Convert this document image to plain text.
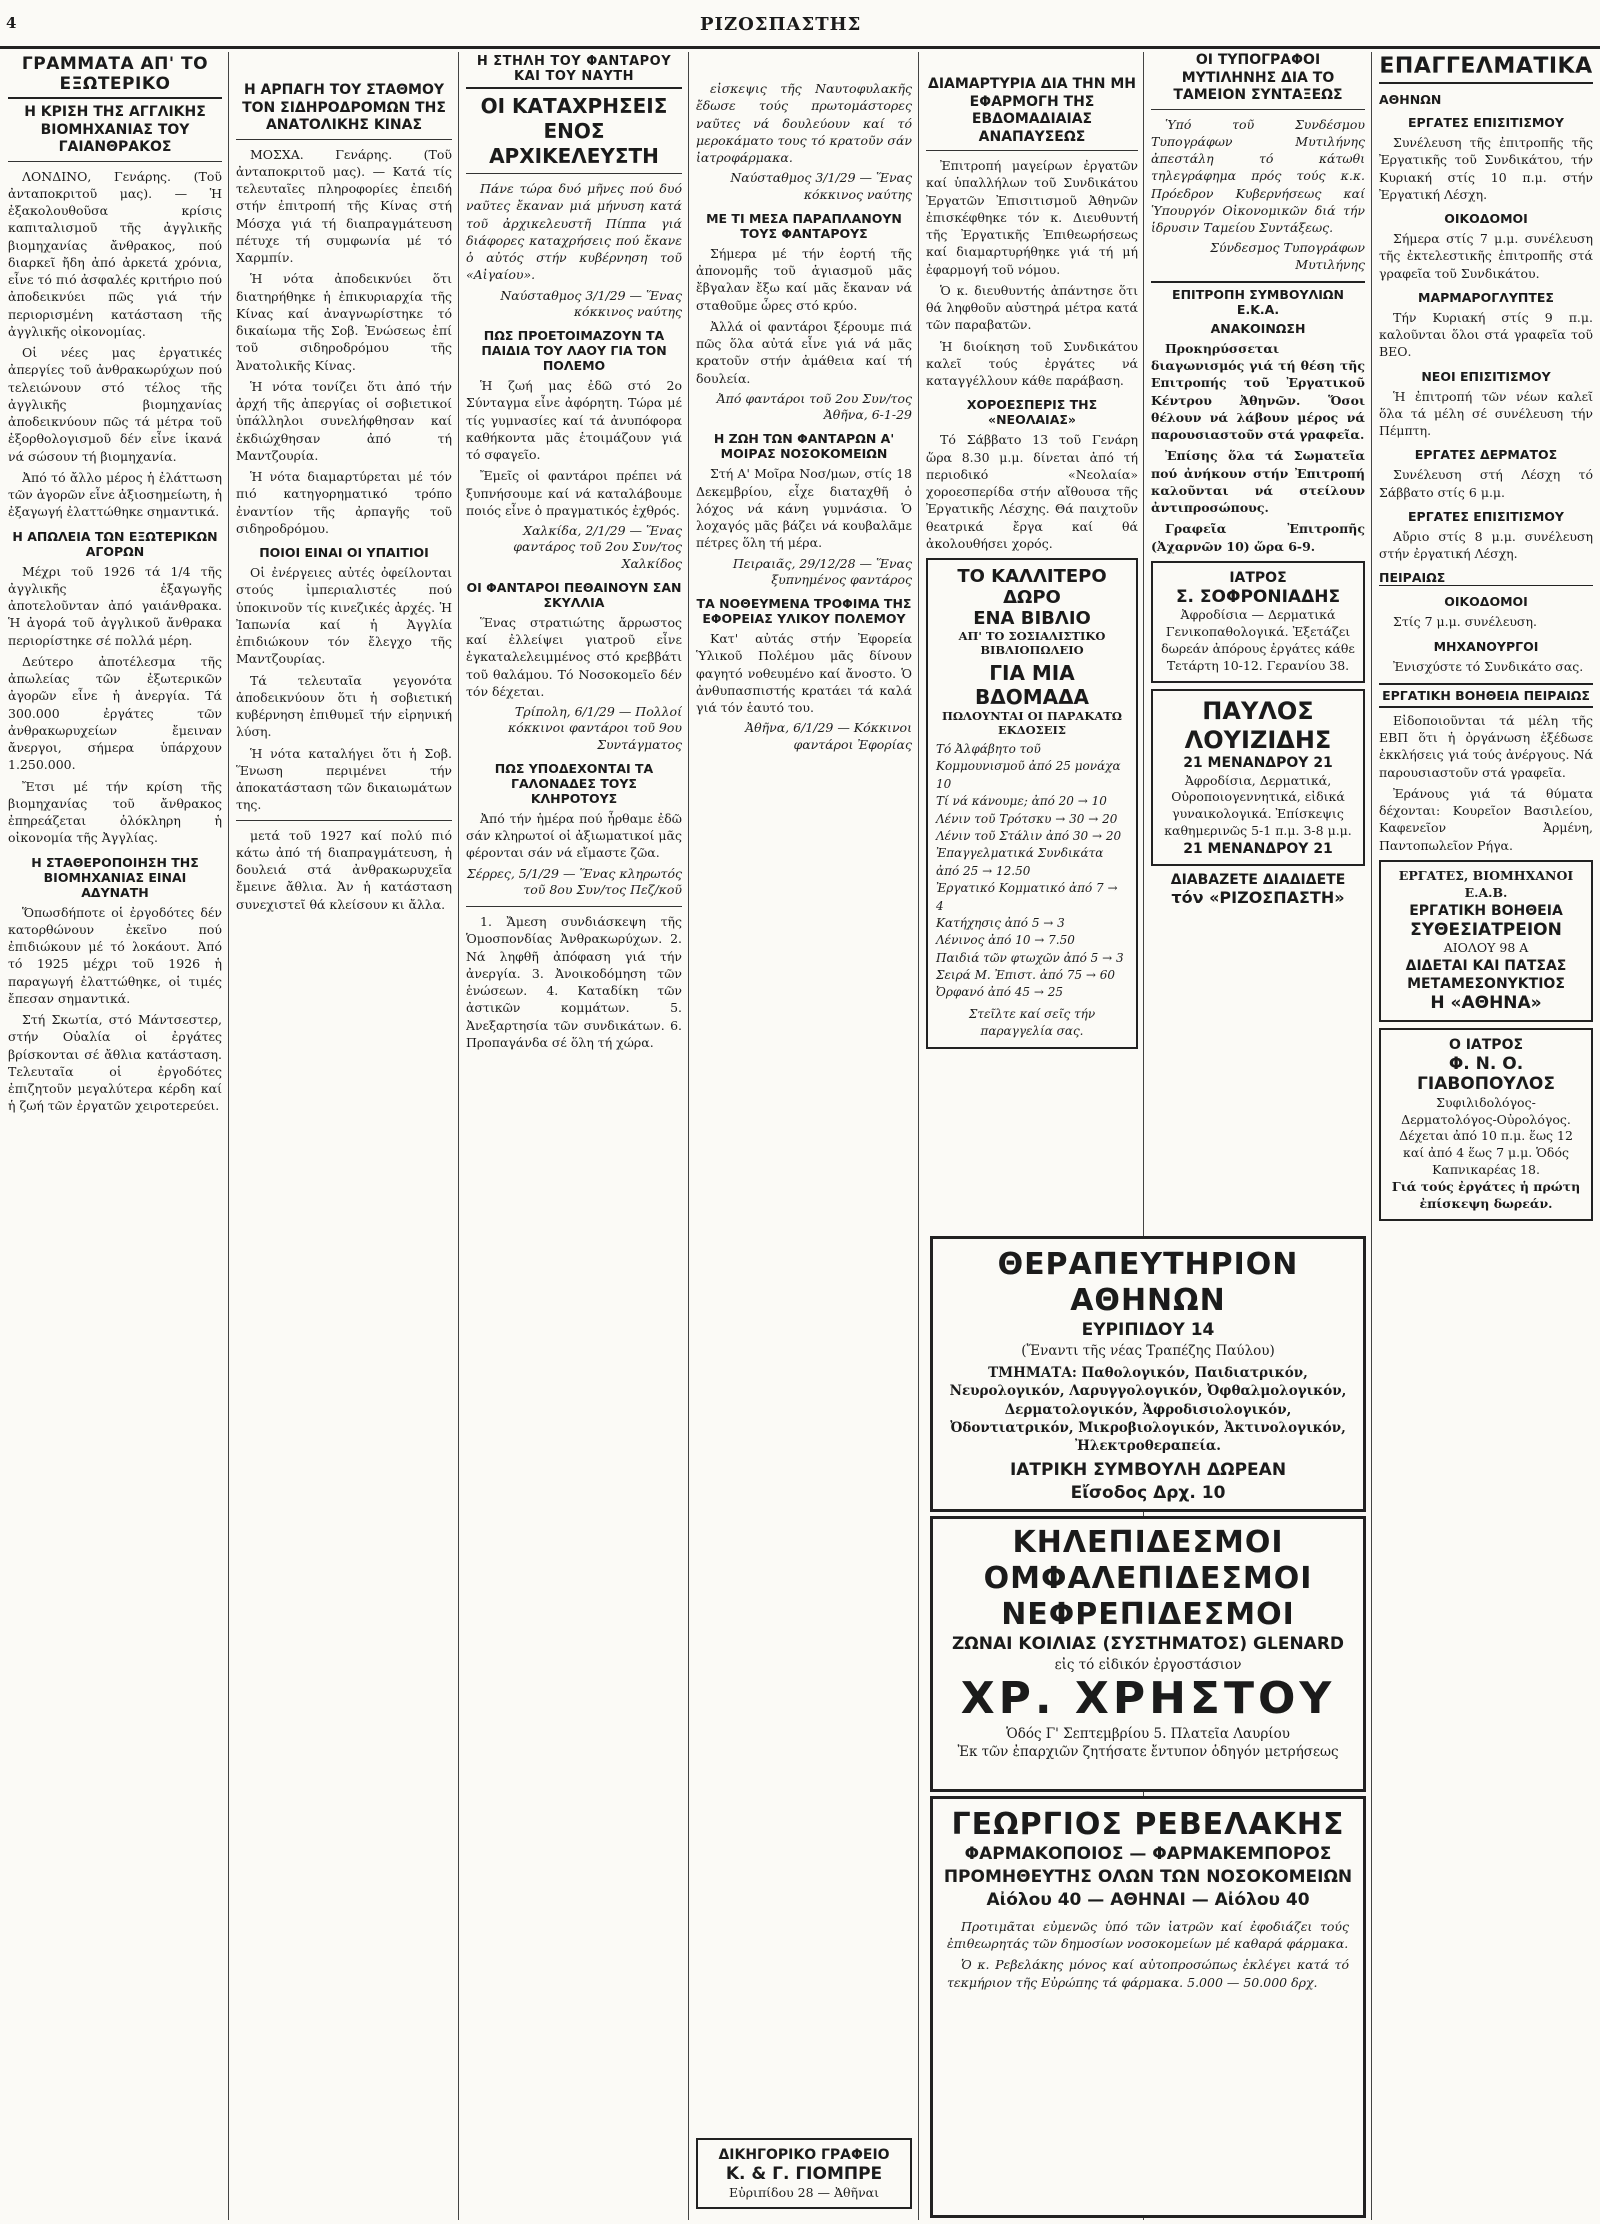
4	ΡΙΖΟΣΠΑΣΤΗΣ
ΓΡΑΜΜΑΤΑ ΑΠ' ΤΟ ΕΞΩΤΕΡΙΚΟ
Η ΚΡΙΣΗ ΤΗΣ ΑΓΓΛΙΚΗΣ ΒΙΟΜΗΧΑΝΙΑΣ ΤΟΥ ΓΑΙΑΝΘΡΑΚΟΣ

ΛΟΝΔΙΝΟ, Γενάρης. (Τοῦ ἀνταποκριτοῦ μας). — Ἡ ἐξακολουθοῦσα κρίσις καπιταλισμοῦ τῆς ἀγγλικῆς βιομηχανίας ἄνθρακος, πού διαρκεῖ ἤδη ἀπό ἀρκετά χρόνια, εἶνε τό πιό ἀσφαλές κριτήριο πού ἀποδεικνύει πῶς γιά τήν περιορισμένη κατάσταση τῆς ἀγγλικῆς οἰκονομίας.

Οἱ νέες μας ἐργατικές ἀπεργίες τοῦ ἀνθρακωρύχων πού τελειώνουν στό τέλος τῆς ἀγγλικῆς βιομηχανίας ἀποδεικνύουν πῶς τά μέτρα τοῦ ἐξορθολογισμοῦ δέν εἶνε ἱκανά νά σώσουν τή βιομηχανία.

Ἀπό τό ἄλλο μέρος ἡ ἐλάττωση τῶν ἀγορῶν εἶνε ἀξιοσημείωτη, ἡ ἐξαγωγή ἐλαττώθηκε σημαντικά.

Η ΑΠΩΛΕΙΑ ΤΩΝ ΕΞΩΤΕΡΙΚΩΝ ΑΓΟΡΩΝ

Μέχρι τοῦ 1926 τά 1/4 τῆς ἀγγλικῆς ἐξαγωγῆς ἀποτελοῦνταν ἀπό γαιάνθρακα. Ἡ ἀγορά τοῦ ἀγγλικοῦ ἄνθρακα περιορίστηκε σέ πολλά μέρη.

Δεύτερο ἀποτέλεσμα τῆς ἀπωλείας τῶν ἐξωτερικῶν ἀγορῶν εἶνε ἡ ἀνεργία. Τά 300.000 ἐργάτες τῶν ἀνθρακωρυχείων ἔμειναν ἄνεργοι, σήμερα ὑπάρχουν 1.250.000.

Ἔτσι μέ τήν κρίση τῆς βιομηχανίας τοῦ ἄνθρακος ἐπηρεάζεται ὁλόκληρη ἡ οἰκονομία τῆς Ἀγγλίας.

Η ΣΤΑΘΕΡΟΠΟΙΗΣΗ ΤΗΣ ΒΙΟΜΗΧΑΝΙΑΣ ΕΙΝΑΙ ΑΔΥΝΑΤΗ

Ὅπωσδήποτε οἱ ἐργοδότες δέν κατορθώνουν ἐκεῖνο πού ἐπιδιώκουν μέ τό λοκάουτ. Ἀπό τό 1925 μέχρι τοῦ 1926 ἡ παραγωγή ἐλαττώθηκε, οἱ τιμές ἔπεσαν σημαντικά.

Στή Σκωτία, στό Μάντσεστερ, στήν Οὐαλία οἱ ἐργάτες βρίσκονται σέ ἄθλια κατάσταση. Τελευταῖα οἱ ἐργοδότες ἐπιζητοῦν μεγαλύτερα κέρδη καί ἡ ζωή τῶν ἐργατῶν χειροτερεύει.

Η ΑΡΠΑΓΗ ΤΟΥ ΣΤΑΘΜΟΥ ΤΟΝ ΣΙΔΗΡΟΔΡΟΜΩΝ ΤΗΣ ΑΝΑΤΟΛΙΚΗΣ ΚΙΝΑΣ

ΜΟΣΧΑ. Γενάρης. (Τοῦ ἀνταποκριτοῦ μας). — Κατά τίς τελευταῖες πληροφορίες ἐπειδή στήν ἐπιτροπή τῆς Κίνας στή Μόσχα γιά τή διαπραγμάτευση πέτυχε τή συμφωνία μέ τό Χαρμπίν.

Ἡ νότα ἀποδεικνύει ὅτι διατηρήθηκε ἡ ἐπικυριαρχία τῆς Κίνας καί ἀναγνωρίστηκε τό δικαίωμα τῆς Σοβ. Ἑνώσεως ἐπί τοῦ σιδηροδρόμου τῆς Ἀνατολικῆς Κίνας.

Ἡ νότα τονίζει ὅτι ἀπό τήν ἀρχή τῆς ἀπεργίας οἱ σοβιετικοί ὑπάλληλοι συνελήφθησαν καί ἐκδιώχθησαν ἀπό τή Μαντζουρία.

Ἡ νότα διαμαρτύρεται μέ τόν πιό κατηγορηματικό τρόπο ἐναντίον τῆς ἀρπαγῆς τοῦ σιδηροδρόμου.

ΠΟΙΟΙ ΕΙΝΑΙ ΟΙ ΥΠΑΙΤΙΟΙ

Οἱ ἐνέργειες αὐτές ὀφείλονται στούς ἰμπεριαλιστές πού ὑποκινοῦν τίς κινεζικές ἀρχές. Ἡ Ἰαπωνία καί ἡ Ἀγγλία ἐπιδιώκουν τόν ἔλεγχο τῆς Μαντζουρίας.

Τά τελευταῖα γεγονότα ἀποδεικνύουν ὅτι ἡ σοβιετική κυβέρνηση ἐπιθυμεῖ τήν εἰρηνική λύση.

Ἡ νότα καταλήγει ὅτι ἡ Σοβ. Ἕνωση περιμένει τήν ἀποκατάσταση τῶν δικαιωμάτων της.

μετά τοῦ 1927 καί πολύ πιό κάτω ἀπό τή διαπραγμάτευση, ἡ δουλειά στά ἀνθρακωρυχεῖα ἔμεινε ἄθλια. Ἀν ἡ κατάσταση συνεχιστεῖ θά κλείσουν κι ἄλλα.

Η ΣΤΗΛΗ ΤΟΥ ΦΑΝΤΑΡΟΥ ΚΑΙ ΤΟΥ ΝΑΥΤΗ
ΟΙ ΚΑΤΑΧΡΗΣΕΙΣ ΕΝΟΣ ΑΡΧΙΚΕΛΕΥΣΤΗ

Πάνε τώρα δυό μῆνες πού δυό ναῦτες ἔκαναν μιά μήνυση κατά τοῦ ἀρχικελευστῆ Πίππα γιά διάφορες καταχρήσεις πού ἔκανε ὁ αὐτός στήν κυβέρνηση τοῦ «Αἰγαίου».

Ναύσταθμος 3/1/29 — Ἕνας κόκκινος ναύτης
ΠΩΣ ΠΡΟΕΤΟΙΜΑΖΟΥΝ ΤΑ ΠΑΙΔΙΑ ΤΟΥ ΛΑΟΥ ΓΙΑ ΤΟΝ ΠΟΛΕΜΟ

Ἡ ζωή μας ἐδῶ στό 2ο Σύνταγμα εἶνε ἀφόρητη. Τώρα μέ τίς γυμνασίες καί τά ἀνυπόφορα καθήκοντα μᾶς ἑτοιμάζουν γιά τό σφαγεῖο.

Ἔμεῖς οἱ φαντάροι πρέπει νά ξυπνήσουμε καί νά καταλάβουμε ποιός εἶνε ὁ πραγματικός ἐχθρός.

Χαλκίδα, 2/1/29 — Ἕνας φαντάρος τοῦ 2ου Συν/τος Χαλκίδος
ΟΙ ΦΑΝΤΑΡΟΙ ΠΕΘΑΙΝΟΥΝ ΣΑΝ ΣΚΥΛΛΙΑ

Ἕνας στρατιώτης ἄρρωστος καί ἐλλείψει γιατροῦ εἶνε ἐγκαταλελειμμένος στό κρεββάτι τοῦ θαλάμου. Τό Νοσοκομεῖο δέν τόν δέχεται.

Τρίπολη, 6/1/29 — Πολλοί κόκκινοι φαντάροι τοῦ 9ου Συντάγματος
ΠΩΣ ΥΠΟΔΕΧΟΝΤΑΙ ΤΑ ΓΑΛΟΝΑΔΕΣ ΤΟΥΣ ΚΛΗΡΟΤΟΥΣ

Ἀπό τήν ἡμέρα πού ἦρθαμε ἐδῶ σάν κληρωτοί οἱ ἀξιωματικοί μᾶς φέρονται σάν νά εἴμαστε ζῶα.

Σέρρες, 5/1/29 — Ἕνας κληρωτός τοῦ 8ου Συν/τος Πεζ/κοῦ

1. Ἄμεση συνδιάσκεψη τῆς Ὁμοσπονδίας Ἀνθρακωρύχων. 2. Νά ληφθῆ ἀπόφαση γιά τήν ἀνεργία. 3. Ἀνοικοδόμηση τῶν ἑνώσεων. 4. Καταδίκη τῶν ἀστικῶν κομμάτων. 5. Ἀνεξαρτησία τῶν συνδικάτων. 6. Προπαγάνδα σέ ὅλη τή χώρα.

εἰσκεψις τῆς Ναυτοφυλακῆς ἔδωσε τούς πρωτομάστορες ναῦτες νά δουλεύουν καί τό μεροκάματο τους τό κρατοῦν σάν ἰατροφάρμακα.

Ναύσταθμος 3/1/29 — Ἕνας κόκκινος ναύτης
ΜΕ ΤΙ ΜΕΣΑ ΠΑΡΑΠΛΑΝΟΥΝ ΤΟΥΣ ΦΑΝΤΑΡΟΥΣ

Σήμερα μέ τήν ἑορτή τῆς ἀπονομῆς τοῦ ἁγιασμοῦ μᾶς ἔβγαλαν ἔξω καί μᾶς ἔκαναν νά σταθοῦμε ὧρες στό κρύο.

Ἀλλά οἱ φαντάροι ξέρουμε πιά πῶς ὅλα αὐτά εἶνε γιά νά μᾶς κρατοῦν στήν ἀμάθεια καί τή δουλεία.

Ἀπό φαντάροι τοῦ 2ου Συν/τος Ἀθῆνα, 6-1-29
Η ΖΩΗ ΤΩΝ ΦΑΝΤΑΡΩΝ Α' ΜΟΙΡΑΣ ΝΟΣΟΚΟΜΕΙΩΝ

Στή Α' Μοῖρα Νοσ/μων, στίς 18 Δεκεμβρίου, εἶχε διαταχθῆ ὁ λόχος νά κάνη γυμνάσια. Ὁ λοχαγός μᾶς βάζει νά κουβαλᾶμε πέτρες ὅλη τή μέρα.

Πειραιᾶς, 29/12/28 — Ἕνας ξυπνημένος φαντάρος
ΤΑ ΝΟΘΕΥΜΕΝΑ ΤΡΟΦΙΜΑ ΤΗΣ ΕΦΟΡΕΙΑΣ ΥΛΙΚΟΥ ΠΟΛΕΜΟΥ

Κατ' αὐτάς στήν Ἐφορεία Ὑλικοῦ Πολέμου μᾶς δίνουν φαγητό νοθευμένο καί ἄνοστο. Ὁ ἀνθυπασπιστής κρατάει τά καλά γιά τόν ἑαυτό του.

Ἀθῆνα, 6/1/29 — Κόκκινοι φαντάροι Ἐφορίας
ΔΙΚΗΓΟΡΙΚΟ ΓΡΑΦΕΙΟ
Κ. & Γ. ΓΙΟΜΠΡΕ
Εὐριπίδου 28 — Ἀθῆναι
ΔΙΑΜΑΡΤΥΡΙΑ ΔΙΑ ΤΗΝ ΜΗ ΕΦΑΡΜΟΓΗ ΤΗΣ ΕΒΔΟΜΑΔΙΑΙΑΣ ΑΝΑΠΑΥΣΕΩΣ

Ἐπιτροπή μαγείρων ἐργατῶν καί ὑπαλλήλων τοῦ Συνδικάτου Ἐργατῶν Ἐπισιτισμοῦ Ἀθηνῶν ἐπισκέφθηκε τόν κ. Διευθυντή τῆς Ἐργατικῆς Ἐπιθεωρήσεως καί διαμαρτυρήθηκε γιά τή μή ἐφαρμογή τοῦ νόμου.

Ὁ κ. διευθυντής ἀπάντησε ὅτι θά ληφθοῦν αὐστηρά μέτρα κατά τῶν παραβατῶν.

Ἡ διοίκηση τοῦ Συνδικάτου καλεῖ τούς ἐργάτες νά καταγγέλλουν κάθε παράβαση.

ΧΟΡΟΕΣΠΕΡΙΣ ΤΗΣ «ΝΕΟΛΑΙΑΣ»

Τό Σάββατο 13 τοῦ Γενάρη ὥρα 8.30 μ.μ. δίνεται ἀπό τή περιοδικό «Νεολαία» χοροεσπερίδα στήν αἴθουσα τῆς Ἐργατικῆς Λέσχης. Θά παιχτοῦν θεατρικά ἔργα καί θά ἀκολουθήσει χορός.

ΤΟ ΚΑΛΛΙΤΕΡΟ ΔΩΡΟ
ΕΝΑ ΒΙΒΛΙΟ
ΑΠ' ΤΟ ΣΟΣΙΑΛΙΣΤΙΚΟ ΒΙΒΛΙΟΠΩΛΕΙΟ
ΓΙΑ ΜΙΑ ΒΔΟΜΑΔΑ
ΠΩΛΟΥΝΤΑΙ ΟΙ ΠΑΡΑΚΑΤΩ ΕΚΔΟΣΕΙΣ
Τό Ἀλφάβητο τοῦ Κομμουνισμοῦ ἀπό 25 μονάχα 10
Τί νά κάνουμε; ἀπό 20 → 10
Λένιν τοῦ Τρότσκυ → 30 → 20
Λένιν τοῦ Στάλιν ἀπό 30 → 20
Ἐπαγγελματικά Συνδικάτα ἀπό 25 → 12.50
Ἐργατικό Κομματικό ἀπό 7 → 4
Κατήχησις ἀπό 5 → 3
Λένινος ἀπό 10 → 7.50
Παιδιά τῶν φτωχῶν ἀπό 5 → 3
Σειρά Μ. Ἐπιστ. ἀπό 75 → 60
Ὀρφανό ἀπό 45 → 25
Στεῖλτε καί σεῖς τήν παραγγελία σας.
ΟΙ ΤΥΠΟΓΡΑΦΟΙ ΜΥΤΙΛΗΝΗΣ ΔΙΑ ΤΟ ΤΑΜΕΙΟΝ ΣΥΝΤΑΞΕΩΣ

Ὑπό τοῦ Συνδέσμου Τυπογράφων Μυτιλήνης ἀπεστάλη τό κάτωθι τηλεγράφημα πρός τούς κ.κ. Πρόεδρον Κυβερνήσεως καί Ὑπουργόν Οἰκονομικῶν διά τήν ἱδρυσιν Ταμείου Συντάξεως.

Σύνδεσμος Τυπογράφων Μυτιλήνης
ΕΠΙΤΡΟΠΗ ΣΥΜΒΟΥΛΙΩΝ Ε.Κ.Α.
ΑΝΑΚΟΙΝΩΣΗ

Προκηρύσσεται διαγωνισμός γιά τή θέση τῆς Επιτροπής τοῦ Ἐργατικοῦ Κέντρου Ἀθηνῶν. Ὅσοι θέλουν νά λάβουν μέρος νά παρουσιαστοῦν στά γραφεῖα.

Ἐπίσης ὅλα τά Σωματεῖα πού ἀνήκουν στήν Ἐπιτροπή καλοῦνται νά στείλουν ἀντιπροσώπους.

Γραφεῖα Ἐπιτροπῆς (Ἀχαρνῶν 10) ὥρα 6-9.

ΙΑΤΡΟΣ
Σ. ΣΟΦΡΟΝΙΑΔΗΣ
Ἀφροδίσια — Δερματικά Γενικοπαθολογικά. Ἐξετάζει δωρεάν ἀπόρους ἐργάτες κάθε Τετάρτη 10-12. Γερανίου 38.
ΠΑΥΛΟΣ ΛΟΥΙΖΙΔΗΣ
21 ΜΕΝΑΝΔΡΟΥ 21
Ἀφροδίσια, Δερματικά, Οὐροποιογεννητικά, εἰδικά γυναικολογικά. Ἐπίσκεψις καθημερινῶς 5-1 π.μ. 3-8 μ.μ.
21 ΜΕΝΑΝΔΡΟΥ 21
ΔΙΑΒΑΖΕΤΕ ΔΙΑΔΙΔΕΤΕ
τόν «ΡΙΖΟΣΠΑΣΤΗ»
ΕΠΑΓΓΕΛΜΑΤΙΚΑ
ΑΘΗΝΩΝ
ΕΡΓΑΤΕΣ ΕΠΙΣΙΤΙΣΜΟΥ

Συνέλευση τῆς ἐπιτροπῆς τῆς Ἐργατικῆς τοῦ Συνδικάτου, τήν Κυριακή στίς 10 π.μ. στήν Ἐργατική Λέσχη.

ΟΙΚΟΔΟΜΟΙ

Σήμερα στίς 7 μ.μ. συνέλευση τῆς ἐκτελεστικῆς ἐπιτροπῆς στά γραφεῖα τοῦ Συνδικάτου.

ΜΑΡΜΑΡΟΓΛΥΠΤΕΣ

Τήν Κυριακή στίς 9 π.μ. καλοῦνται ὅλοι στά γραφεῖα τοῦ ΒΕΟ.

ΝΕΟΙ ΕΠΙΣΙΤΙΣΜΟΥ

Ἡ ἐπιτροπή τῶν νέων καλεῖ ὅλα τά μέλη σέ συνέλευση τήν Πέμπτη.

ΕΡΓΑΤΕΣ ΔΕΡΜΑΤΟΣ

Συνέλευση στή Λέσχη τό Σάββατο στίς 6 μ.μ.

ΕΡΓΑΤΕΣ ΕΠΙΣΙΤΙΣΜΟΥ

Αὔριο στίς 8 μ.μ. συνέλευση στήν ἐργατική Λέσχη.

ΠΕΙΡΑΙΩΣ
ΟΙΚΟΔΟΜΟΙ

Στίς 7 μ.μ. συνέλευση.

ΜΗΧΑΝΟΥΡΓΟΙ

Ἐνισχύστε τό Συνδικάτο σας.

ΕΡΓΑΤΙΚΗ ΒΟΗΘΕΙΑ ΠΕΙΡΑΙΩΣ

Εἰδοποιοῦνται τά μέλη τῆς ΕΒΠ ὅτι ἡ ὀργάνωση ἐξέδωσε ἐκκλήσεις γιά τούς ἀνέργους. Νά παρουσιαστοῦν στά γραφεῖα.

Ἐράνους γιά τά θύματα δέχονται: Κουρεῖον Βασιλείου, Καφενεῖον Ἀρμένη, Παντοπωλεῖον Ρήγα.

ΕΡΓΑΤΕΣ, ΒΙΟΜΗΧΑΝΟΙ Ε.Α.Β.
ΕΡΓΑΤΙΚΗ ΒΟΗΘΕΙΑ
ΣΥΘΕΣΙΑΤΡΕΙΟΝ
ΑΙΟΛΟΥ 98 Α
ΔΙΔΕΤΑΙ ΚΑΙ ΠΑΤΣΑΣ ΜΕΤΑΜΕΣΟΝΥΚΤΙΟΣ
Η «ΑΘΗΝΑ»
Ο ΙΑΤΡΟΣ
Φ. Ν. Ο. ΓΙΑΒΟΠΟΥΛΟΣ
Συφιλιδολόγος-Δερματολόγος-Οὐρολόγος. Δέχεται ἀπό 10 π.μ. ἕως 12 καί ἀπό 4 ἕως 7 μ.μ. Ὁδός Καπνικαρέας 18.
Γιά τούς ἐργάτες ἡ πρώτη ἐπίσκεψη δωρεάν.
ΘΕΡΑΠΕΥΤΗΡΙΟΝ ΑΘΗΝΩΝ
ΕΥΡΙΠΙΔΟΥ 14
(Ἔναντι τῆς νέας Τραπέζης Παύλου)
ΤΜΗΜΑΤΑ: Παθολογικόν, Παιδιατρικόν, Νευρολογικόν, Λαρυγγολογικόν, Ὀφθαλμολογικόν, Δερματολογικόν, Ἀφροδισιολογικόν, Ὀδοντιατρικόν, Μικροβιολογικόν, Ἀκτινολογικόν, Ἠλεκτροθεραπεία.
ΙΑΤΡΙΚΗ ΣΥΜΒΟΥΛΗ ΔΩΡΕΑΝ
Εἴσοδος Δρχ. 10
ΚΗΛΕΠΙΔΕΣΜΟΙ
ΟΜΦΑΛΕΠΙΔΕΣΜΟΙ
ΝΕΦΡΕΠΙΔΕΣΜΟΙ
ΖΩΝΑΙ ΚΟΙΛΙΑΣ (ΣΥΣΤΗΜΑΤΟΣ) GLENARD
εἰς τό εἰδικόν ἐργοστάσιον
ΧΡ. ΧΡΗΣΤΟΥ
Ὁδός Γ' Σεπτεμβρίου 5. Πλατεῖα Λαυρίου
Ἐκ τῶν ἐπαρχιῶν ζητήσατε ἔντυπον ὁδηγόν μετρήσεως
ΓΕΩΡΓΙΟΣ ΡΕΒΕΛΑΚΗΣ
ΦΑΡΜΑΚΟΠΟΙΟΣ — ΦΑΡΜΑΚΕΜΠΟΡΟΣ
ΠΡΟΜΗΘΕΥΤΗΣ ΟΛΩΝ ΤΩΝ ΝΟΣΟΚΟΜΕΙΩΝ
Αἰόλου 40 — ΑΘΗΝΑΙ — Αἰόλου 40

Προτιμᾶται εὐμενῶς ὑπό τῶν ἰατρῶν καί ἐφοδιάζει τούς ἐπιθεωρητάς τῶν δημοσίων νοσοκομείων μέ καθαρά φάρμακα.

Ὁ κ. Ρεβελάκης μόνος καί αὐτοπροσώπως ἐκλέγει κατά τό τεκμήριον τῆς Εὐρώπης τά φάρμακα. 5.000 — 50.000 δρχ.
